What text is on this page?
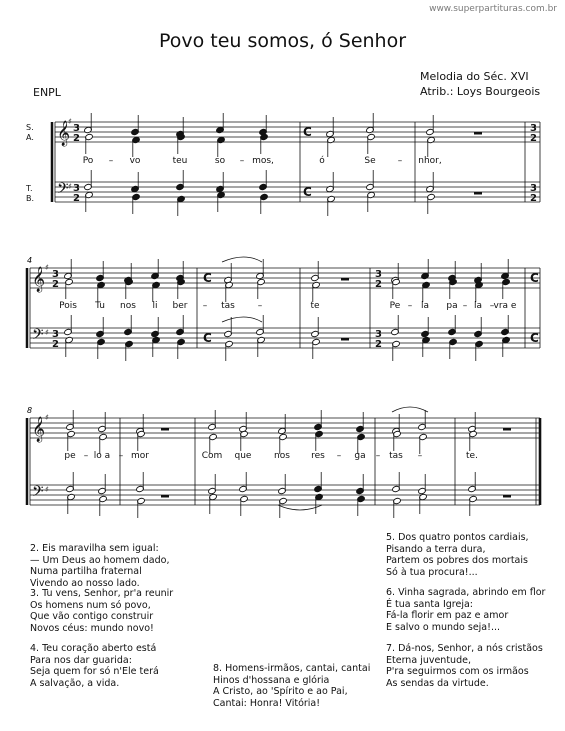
www.superpartituras.com.br
Povo teu somos, ó Senhor
Melodia do Séc. XVI
Atrib.: Loys Bourgeois
ENPL
S.
A.
T.
B.
4
8
𝄞
𝄢
♯
♯
3
2
3
2
C
C
3
2
3
2
𝄞
𝄢
♯
♯
3
2
3
2
C
C
3
2
3
2
C
C
𝄞
𝄢
♯
♯
Po – vo	teu	so – mos,	ó	Se – nhor,
Pois Tu nos li ber – tas	–	te	Pe – la pa – la – vra e
pe – lo a – mor	Com que	nos res – ga – tas –	te.
2. Eis maravilha sem igual:
— Um Deus ao homem dado,
Numa partilha fraternal
Vivendo ao nosso lado.
3. Tu vens, Senhor, pr'a reunir
Os homens num só povo,
Que vão contigo construir
Novos céus: mundo novo!
4. Teu coração aberto está
Para nos dar guarida:
Seja quem for só n'Ele terá
A salvação, a vida.
8. Homens-irmãos, cantai, cantai
Hinos d'hossana e glória
A Cristo, ao 'Spírito e ao Pai,
Cantai: Honra! Vitória!
5. Dos quatro pontos cardiais,
Pisando a terra dura,
Partem os pobres dos mortais
Só à tua procura!...
6. Vinha sagrada, abrindo em flor
É tua santa Igreja:
Fá-la florir em paz e amor
E salvo o mundo seja!...
7. Dá-nos, Senhor, a nós cristãos
Eterna juventude,
P'ra seguirmos com os irmãos
As sendas da virtude.
